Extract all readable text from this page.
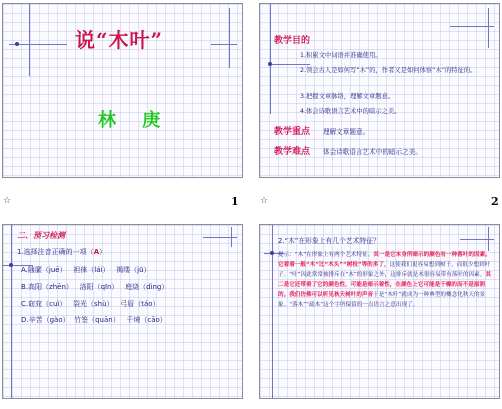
说“木叶”
林 庚
☆	1
教学目的
1.积累文中词语并准确使用。
2.领会古人是如何写“木”的，作者又是如何体察“木”的特征的。
3.把握文章脉络，理解文章题意。
4.体会诗歌语言艺术中的暗示之美。
教学重点 理解文章题意。
教学难点 体会诗歌语言艺术中的暗示之美。
☆	2
二、预习检测
1.选择注音正确的一项（A）
A.随縻（juē） 袒徕（lái） 褐缕（jū）
B.高阳（zhēn） 洛阳（qīn） 庭烧（dìng）
C.窈窕（cuì） 裂光（shù） 弓眉（táo）
D.辛苦（gào） 竹签（quān） 千境（cāo）
2.“木”在形象上有几个艺术特征？
提示：“木”在形象上有两个艺术特征。其一是它本身所暗示的颜色有一种落叶的因素。它看着一般“木”比“木头”“树枝”等的多了，这使我们更容易想到树干，而很少想到叶子。“叶”因此常常被排斥在“木”的形象之外，这排斥就是木很容易带有落叶的因素。其二是它还带着了它的颜色性，可能是暗示着性，在颜色上它可能是干燥的而不是湿润的。我们仿佛可以听见秋天树叶的声音于是“木叶”就成为一种典型的概念化秋天的景象。“落木”“疏木”这个字所保留的一点语言之意出现了。
